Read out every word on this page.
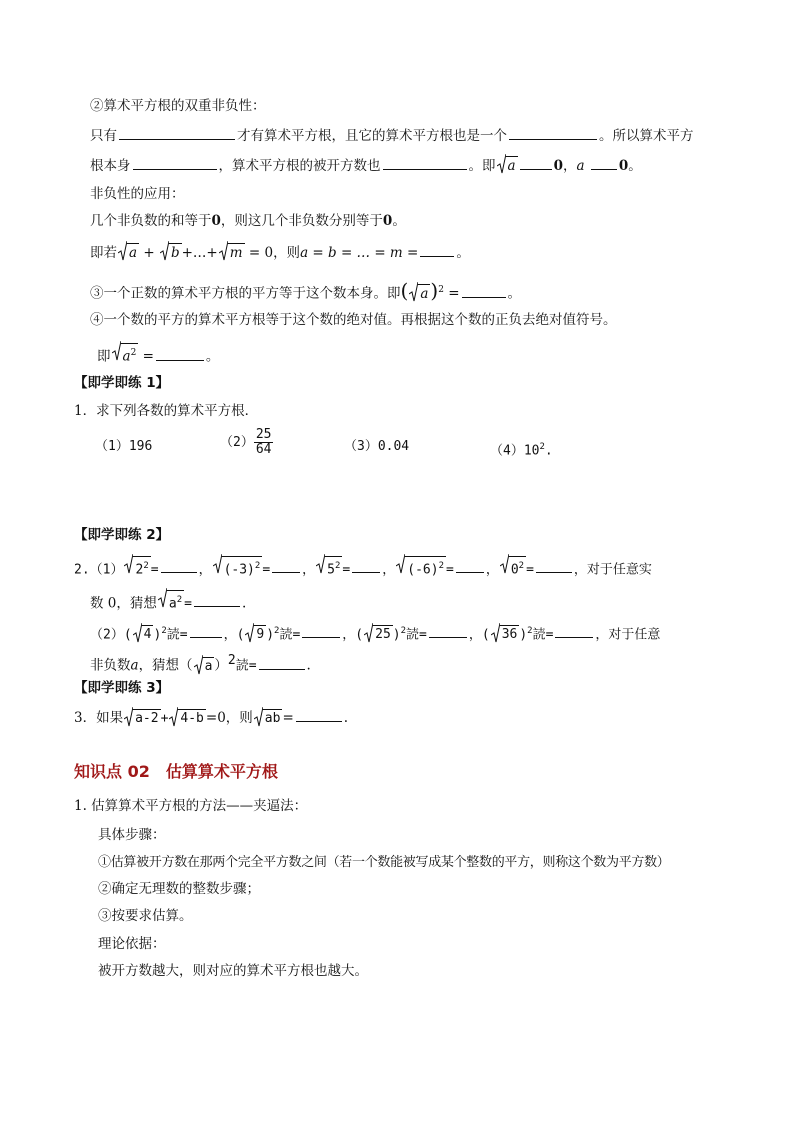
②算术平方根的双重非负性：
只有	才有算术平方根，且它的算术平方根也是一个	。所以算术平方
根本身	，算术平方根的被开方数也	。即 a	0，a	0。
非负性的应用：
几个非负数的和等于0，则这几个非负数分别等于0。
即若 a +
b +…+ m = 0，则a = b = … = m =	。
③一个正数的算术平方根的平方等于这个数本身。即( a )$^2$ =	。
④一个数的平方的算术平方根等于这个数的绝对值。再根据这个数的正负去绝对值符号。
即 $a^2$ =	。
【即学即练 1】
1．求下列各数的算术平方根．
（1）196	$(2) \frac{25}{64}$	（3）0.04	$(4)10^2$.
【即学即练 2】
2.（1） $2^2$ =	， $(-3)^2$ = ， $5^2$ = ， $(-6)^2$ = ， $0^2$ =	，对于任意实
数 0，猜想 $a^2$ =	.
（2）( 4 )$^2$読=	，( 9 )$^2$読=	，( 25 )$^2$読=	，( 36 )$^2$読=	，对于任意
非负数a，猜想（ a ）$^2$読=	.
【即学即练 3】
3．如果 a-2 + 4-b =0，则 ab =	.
知识点 02　估算算术平方根
1. 估算算术平方根的方法——夹逼法：
具体步骤：
①估算被开方数在那两个完全平方数之间（若一个数能被写成某个整数的平方，则称这个数为平方数）
②确定无理数的整数步骤；
③按要求估算。
理论依据：
被开方数越大，则对应的算术平方根也越大。
